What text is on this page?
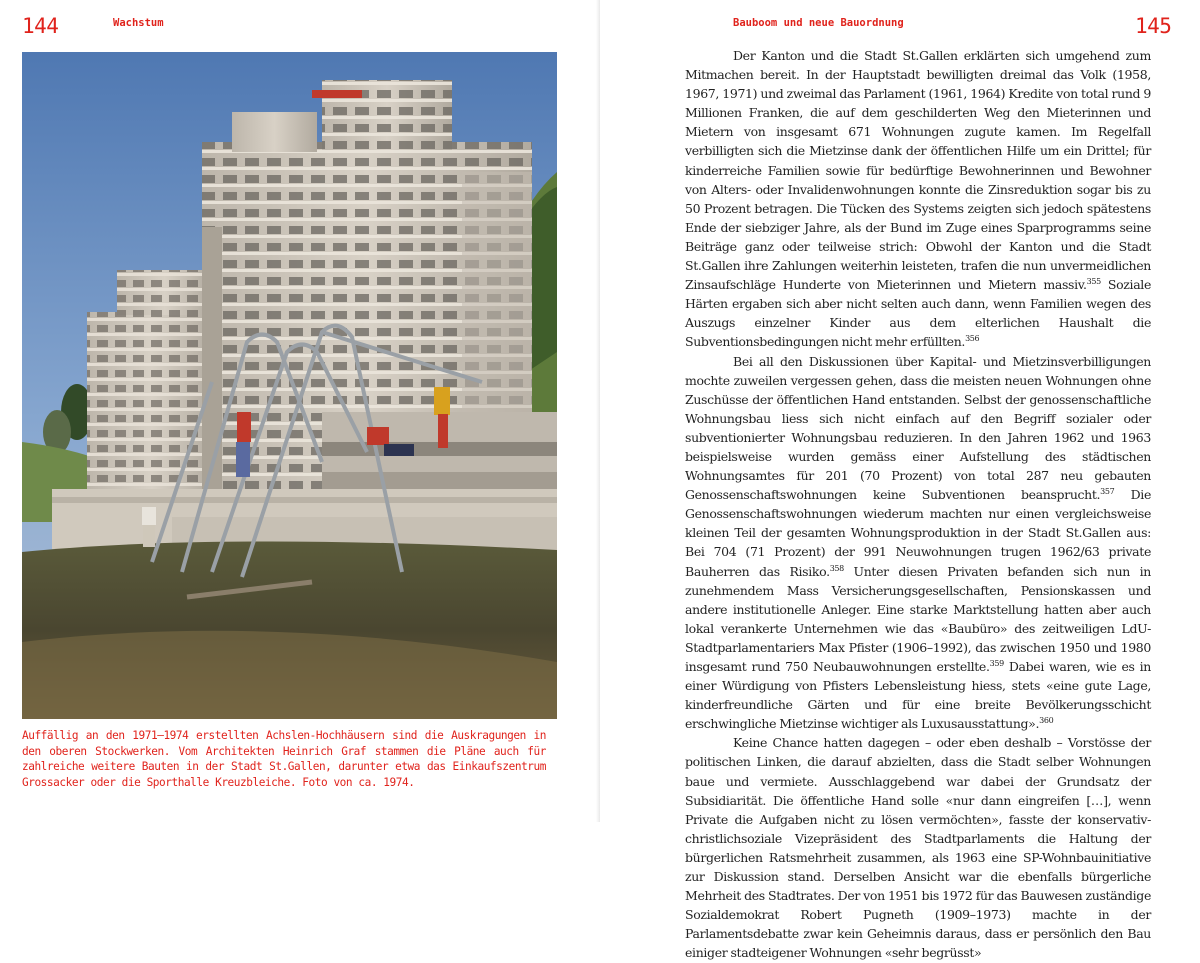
144	Wachstum
Auffällig an den 1971–1974 erstellten Achslen-Hochhäusern sind die Auskragungen in den oberen Stockwerken. Vom Architekten Heinrich Graf stammen die Pläne auch für zahlreiche weitere Bauten in der Stadt St.Gallen, darunter etwa das Einkaufszentrum Grossacker oder die Sporthalle Kreuzbleiche. Foto von ca. 1974.
Bauboom und neue Bauordnung	145

Der Kanton und die Stadt St.Gallen erklärten sich umgehend zum Mitmachen bereit. In der Hauptstadt bewilligten dreimal das Volk (1958, 1967, 1971) und zweimal das Parlament (1961, 1964) Kredite von total rund 9 Millionen Franken, die auf dem geschilderten Weg den Mieterinnen und Mietern von insgesamt 671 Wohnungen zugute kamen. Im Regelfall verbilligten sich die Mietzinse dank der öffentlichen Hilfe um ein Drittel; für kinderreiche Familien sowie für bedürftige Bewohnerinnen und Bewohner von Alters- oder Invalidenwohnungen konnte die Zinsreduktion sogar bis zu 50 Prozent betragen. Die Tücken des Systems zeigten sich jedoch spätestens Ende der siebziger Jahre, als der Bund im Zuge eines Sparprogramms seine Beiträge ganz oder teilweise strich: Obwohl der Kanton und die Stadt St.Gallen ihre Zahlungen weiterhin leisteten, trafen die nun unvermeidlichen Zinsaufschläge Hunderte von Mieterinnen und Mietern massiv.$^{355}$ Soziale Härten ergaben sich aber nicht selten auch dann, wenn Familien wegen des Auszugs einzelner Kinder aus dem elterlichen Haushalt die Subventionsbedingungen nicht mehr erfüllten.$^{356}$

Bei all den Diskussionen über Kapital- und Mietzinsverbilligungen mochte zuweilen vergessen gehen, dass die meisten neuen Wohnungen ohne Zuschüsse der öffentlichen Hand entstanden. Selbst der genossenschaftliche Wohnungsbau liess sich nicht einfach auf den Begriff sozialer oder subventionierter Wohnungsbau reduzieren. In den Jahren 1962 und 1963 beispielsweise wurden gemäss einer Aufstellung des städtischen Wohnungsamtes für 201 (70 Prozent) von total 287 neu gebauten Genossenschaftswohnungen keine Subventionen beansprucht.$^{357}$ Die Genossenschaftswohnungen wiederum machten nur einen vergleichsweise kleinen Teil der gesamten Wohnungsproduktion in der Stadt St.Gallen aus: Bei 704 (71 Prozent) der 991 Neuwohnungen trugen 1962/63 private Bauherren das Risiko.$^{358}$ Unter diesen Privaten befanden sich nun in zunehmendem Mass Versicherungsgesellschaften, Pensionskassen und andere institutionelle Anleger. Eine starke Marktstellung hatten aber auch lokal verankerte Unternehmen wie das «Baubüro» des zeitweiligen LdU-Stadtparlamentariers Max Pfister (1906–1992), das zwischen 1950 und 1980 insgesamt rund 750 Neubauwohnungen erstellte.$^{359}$ Dabei waren, wie es in einer Würdigung von Pfisters Lebensleistung hiess, stets «eine gute Lage, kinderfreundliche Gärten und für eine breite Bevölkerungsschicht erschwingliche Mietzinse wichtiger als Luxusausstattung».$^{360}$

Keine Chance hatten dagegen – oder eben deshalb – Vorstösse der politischen Linken, die darauf abzielten, dass die Stadt selber Wohnungen baue und vermiete. Ausschlaggebend war dabei der Grundsatz der Subsidiarität. Die öffentliche Hand solle «nur dann eingreifen […], wenn Private die Aufgaben nicht zu lösen vermöchten», fasste der konservativ-christlichsoziale Vizepräsident des Stadtparlaments die Haltung der bürgerlichen Ratsmehrheit zusammen, als 1963 eine SP-Wohnbauinitiative zur Diskussion stand. Derselben Ansicht war die ebenfalls bürgerliche Mehrheit des Stadtrates. Der von 1951 bis 1972 für das Bauwesen zuständige Sozialdemokrat Robert Pugneth (1909–1973) machte in der Parlamentsdebatte zwar kein Geheimnis daraus, dass er persönlich den Bau einiger stadteigener Wohnungen «sehr begrüsst»
